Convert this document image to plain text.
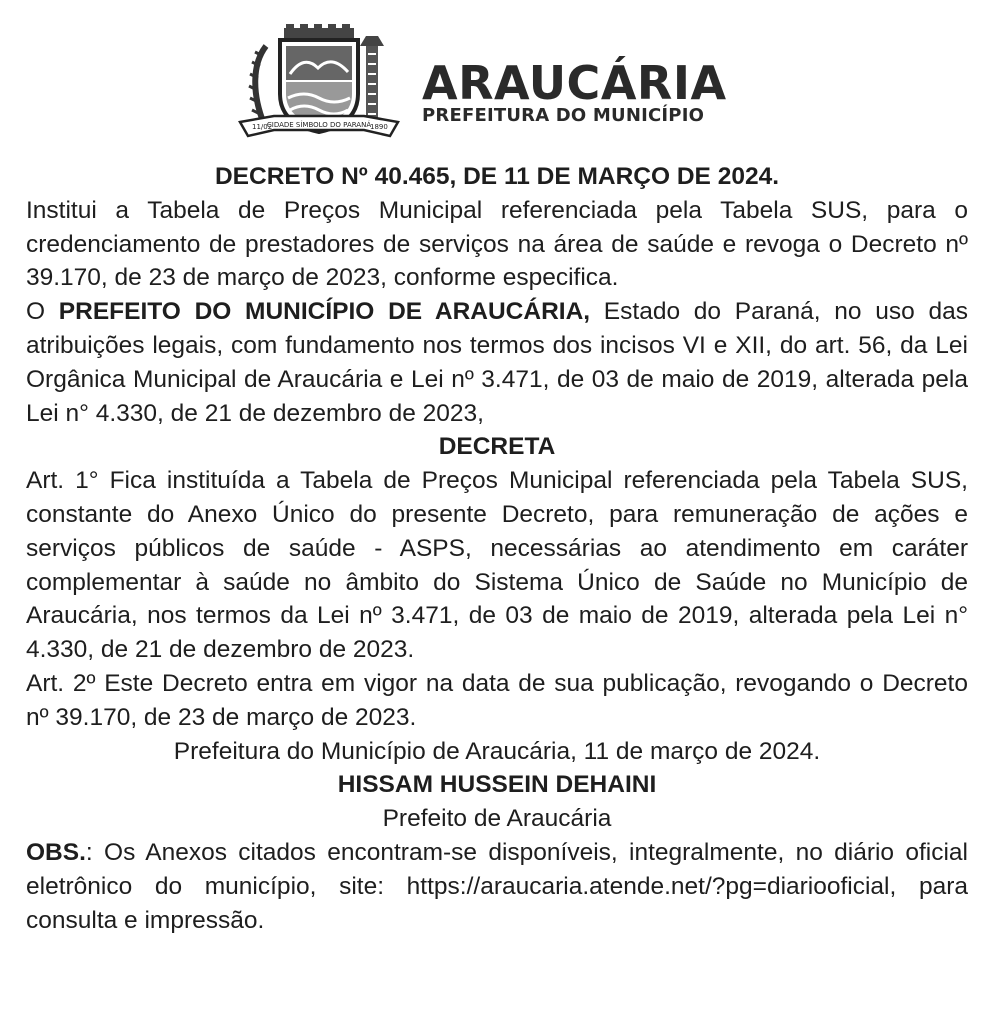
11/02
CIDADE SÍMBOLO DO PARANÁ
1890

ARAUCÁRIA

PREFEITURA DO MUNICÍPIO

DECRETO Nº 40.465, DE 11 DE MARÇO DE 2024.

Institui a Tabela de Preços Municipal referenciada pela Tabela SUS, para o credenciamento de prestadores de serviços na área de saúde e revoga o Decreto nº 39.170, de 23 de março de 2023, conforme especifica.

O PREFEITO DO MUNICÍPIO DE ARAUCÁRIA, Estado do Paraná, no uso das atribuições legais, com fundamento nos termos dos incisos VI e XII, do art. 56, da Lei Orgânica Municipal de Araucária e Lei nº 3.471, de 03 de maio de 2019, alterada pela Lei n° 4.330, de 21 de dezembro de 2023,

DECRETA

Art. 1° Fica instituída a Tabela de Preços Municipal referenciada pela Tabela SUS, constante do Anexo Único do presente Decreto, para remuneração de ações e serviços públicos de saúde - ASPS, necessárias ao atendimento em caráter complementar à saúde no âmbito do Sistema Único de Saúde no Município de Araucária, nos termos da Lei nº 3.471, de 03 de maio de 2019, alterada pela Lei n° 4.330, de 21 de dezembro de 2023.

Art. 2º Este Decreto entra em vigor na data de sua publicação, revogando o Decreto nº 39.170, de 23 de março de 2023.

Prefeitura do Município de Araucária, 11 de março de 2024.

HISSAM HUSSEIN DEHAINI

Prefeito de Araucária

OBS.: Os Anexos citados encontram-se disponíveis, integralmente, no diário oficial eletrônico do município, site: https://araucaria.atende.net/?pg=diariooficial, para consulta e impressão.
